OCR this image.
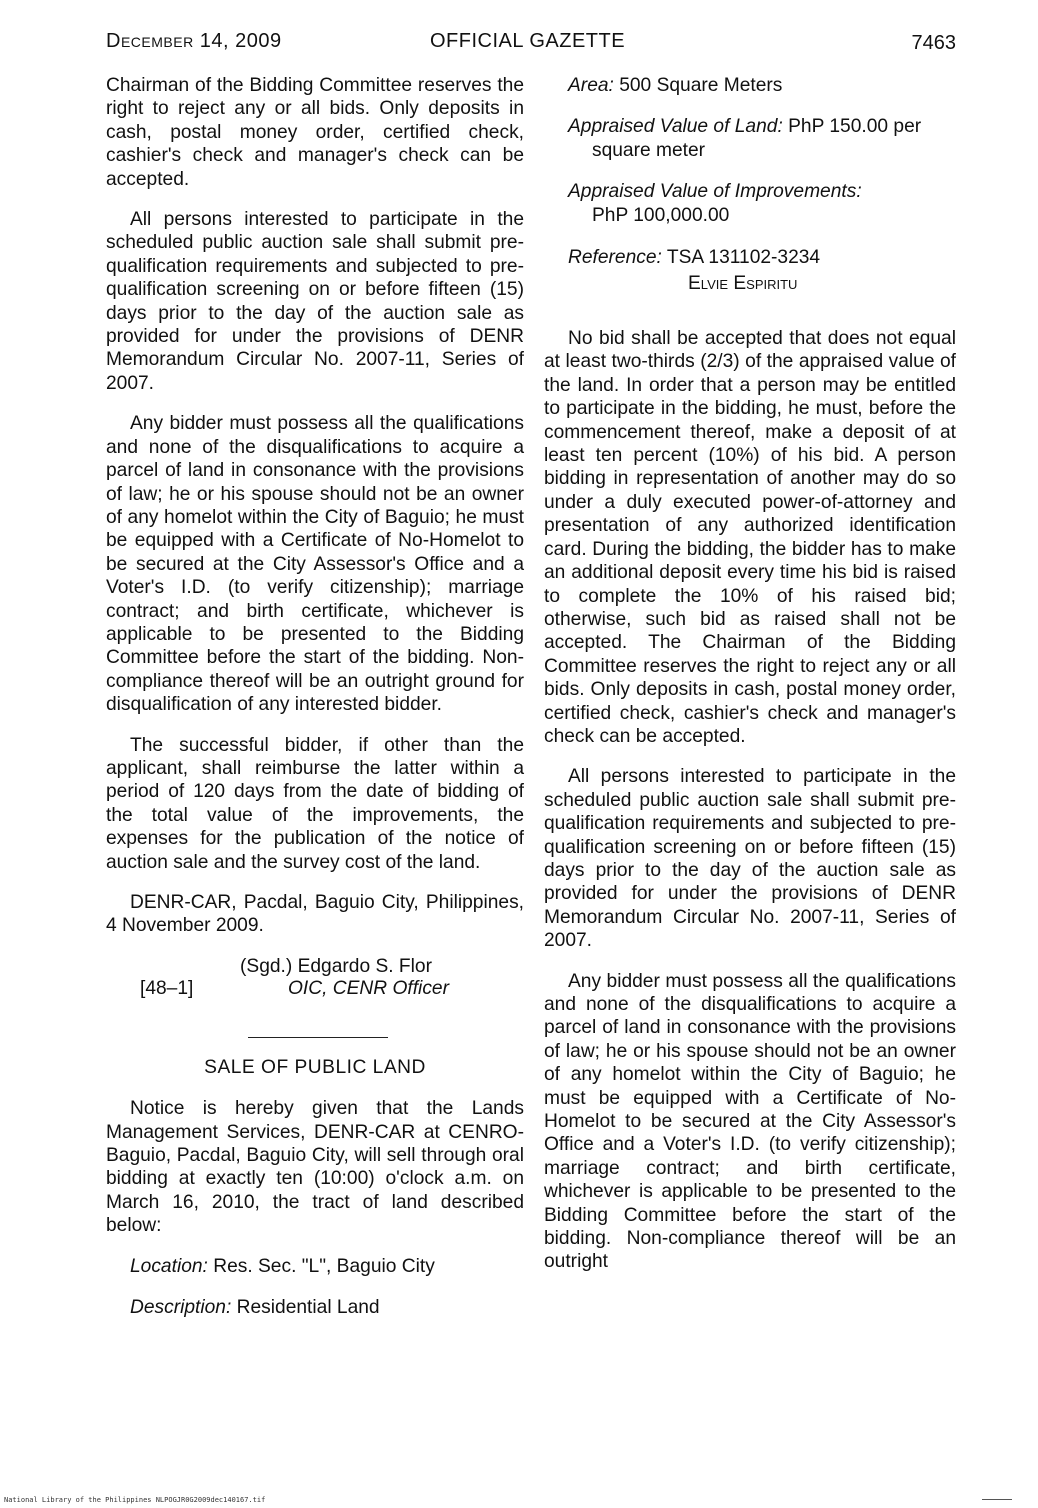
December 14, 2009	OFFICIAL GAZETTE	7463

Chairman of the Bidding Committee reserves the right to reject any or all bids. Only deposits in cash, postal money order, certified check, cashier's check and manager's check can be accepted.

All persons interested to participate in the scheduled public auction sale shall submit pre-qualification requirements and subjected to pre-qualification screening on or before fifteen (15) days prior to the day of the auction sale as provided for under the provisions of DENR Memorandum Circular No. 2007-11, Series of 2007.

Any bidder must possess all the qualifications and none of the disqualifications to acquire a parcel of land in consonance with the provisions of law; he or his spouse should not be an owner of any homelot within the City of Baguio; he must be equipped with a Certificate of No-Homelot to be secured at the City Assessor's Office and a Voter's I.D. (to verify citizenship); marriage contract; and birth certificate, whichever is applicable to be presented to the Bidding Committee before the start of the bidding. Non-compliance thereof will be an outright ground for disqualification of any interested bidder.

The successful bidder, if other than the applicant, shall reimburse the latter within a period of 120 days from the date of bidding of the total value of the improvements, the expenses for the publication of the notice of auction sale and the survey cost of the land.

DENR-CAR, Pacdal, Baguio City, Philippines, 4 November 2009.

(Sgd.) Edgardo S. Flor
[48–1]	OIC, CENR Officer
SALE OF PUBLIC LAND

Notice is hereby given that the Lands Management Services, DENR-CAR at CENRO-Baguio, Pacdal, Baguio City, will sell through oral bidding at exactly ten (10:00) o'clock a.m. on March 16, 2010, the tract of land described below:

Location: Res. Sec. "L", Baguio City

Description: Residential Land

Area: 500 Square Meters

Appraised Value of Land: PhP 150.00 per square meter

Appraised Value of Improvements:
PhP 100,000.00

Reference: TSA 131102-3234
Elvie Espiritu

No bid shall be accepted that does not equal at least two-thirds (2/3) of the appraised value of the land. In order that a person may be entitled to participate in the bidding, he must, before the commencement thereof, make a deposit of at least ten percent (10%) of his bid. A person bidding in representation of another may do so under a duly executed power-of-attorney and presentation of any authorized identification card. During the bidding, the bidder has to make an additional deposit every time his bid is raised to complete the 10% of his raised bid; otherwise, such bid as raised shall not be accepted. The Chairman of the Bidding Committee reserves the right to reject any or all bids. Only deposits in cash, postal money order, certified check, cashier's check and manager's check can be accepted.

All persons interested to participate in the scheduled public auction sale shall submit pre-qualification requirements and subjected to pre-qualification screening on or before fifteen (15) days prior to the day of the auction sale as provided for under the provisions of DENR Memorandum Circular No. 2007-11, Series of 2007.

Any bidder must possess all the qualifications and none of the disqualifications to acquire a parcel of land in consonance with the provisions of law; he or his spouse should not be an owner of any homelot within the City of Baguio; he must be equipped with a Certificate of No-Homelot to be secured at the City Assessor's Office and a Voter's I.D. (to verify citizenship); marriage contract; and birth certificate, whichever is applicable to be presented to the Bidding Committee before the start of the bidding. Non-compliance thereof will be an outright

National Library of the Philippines NLPOGJR0G2009dec140167.tif
